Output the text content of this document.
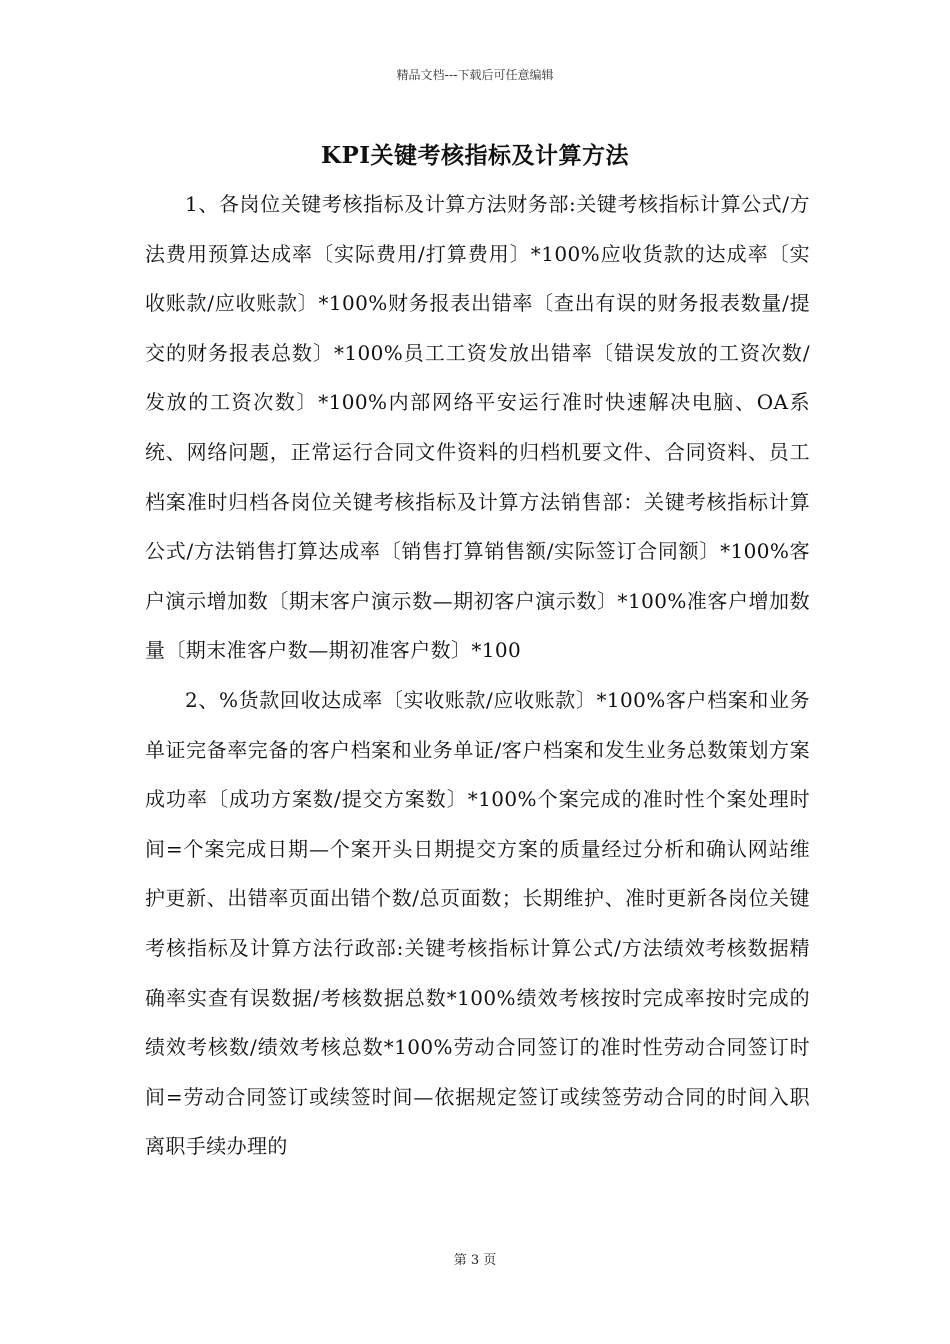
精品文档---下载后可任意编辑
KPI关键考核指标及计算方法

1、各岗位关键考核指标及计算方法财务部:关键考核指标计算公式/方法费用预算达成率〔实际费用/打算费用〕*100%应收货款的达成率〔实收账款/应收账款〕*100%财务报表出错率〔查出有误的财务报表数量/提交的财务报表总数〕*100%员工工资发放出错率〔错误发放的工资次数/发放的工资次数〕*100%内部网络平安运行准时快速解决电脑、OA系统、网络问题，正常运行合同文件资料的归档机要文件、合同资料、员工档案准时归档各岗位关键考核指标及计算方法销售部：关键考核指标计算公式/方法销售打算达成率〔销售打算销售额/实际签订合同额〕*100%客户演示增加数〔期末客户演示数—期初客户演示数〕*100%准客户增加数量〔期末准客户数—期初准客户数〕*100

2、%货款回收达成率〔实收账款/应收账款〕*100%客户档案和业务单证完备率完备的客户档案和业务单证/客户档案和发生业务总数策划方案成功率〔成功方案数/提交方案数〕*100%个案完成的准时性个案处理时间=个案完成日期—个案开头日期提交方案的质量经过分析和确认网站维护更新、出错率页面出错个数/总页面数；长期维护、准时更新各岗位关键考核指标及计算方法行政部:关键考核指标计算公式/方法绩效考核数据精确率实查有误数据/考核数据总数*100%绩效考核按时完成率按时完成的绩效考核数/绩效考核总数*100%劳动合同签订的准时性劳动合同签订时间=劳动合同签订或续签时间—依据规定签订或续签劳动合同的时间入职离职手续办理的

第 3 页
